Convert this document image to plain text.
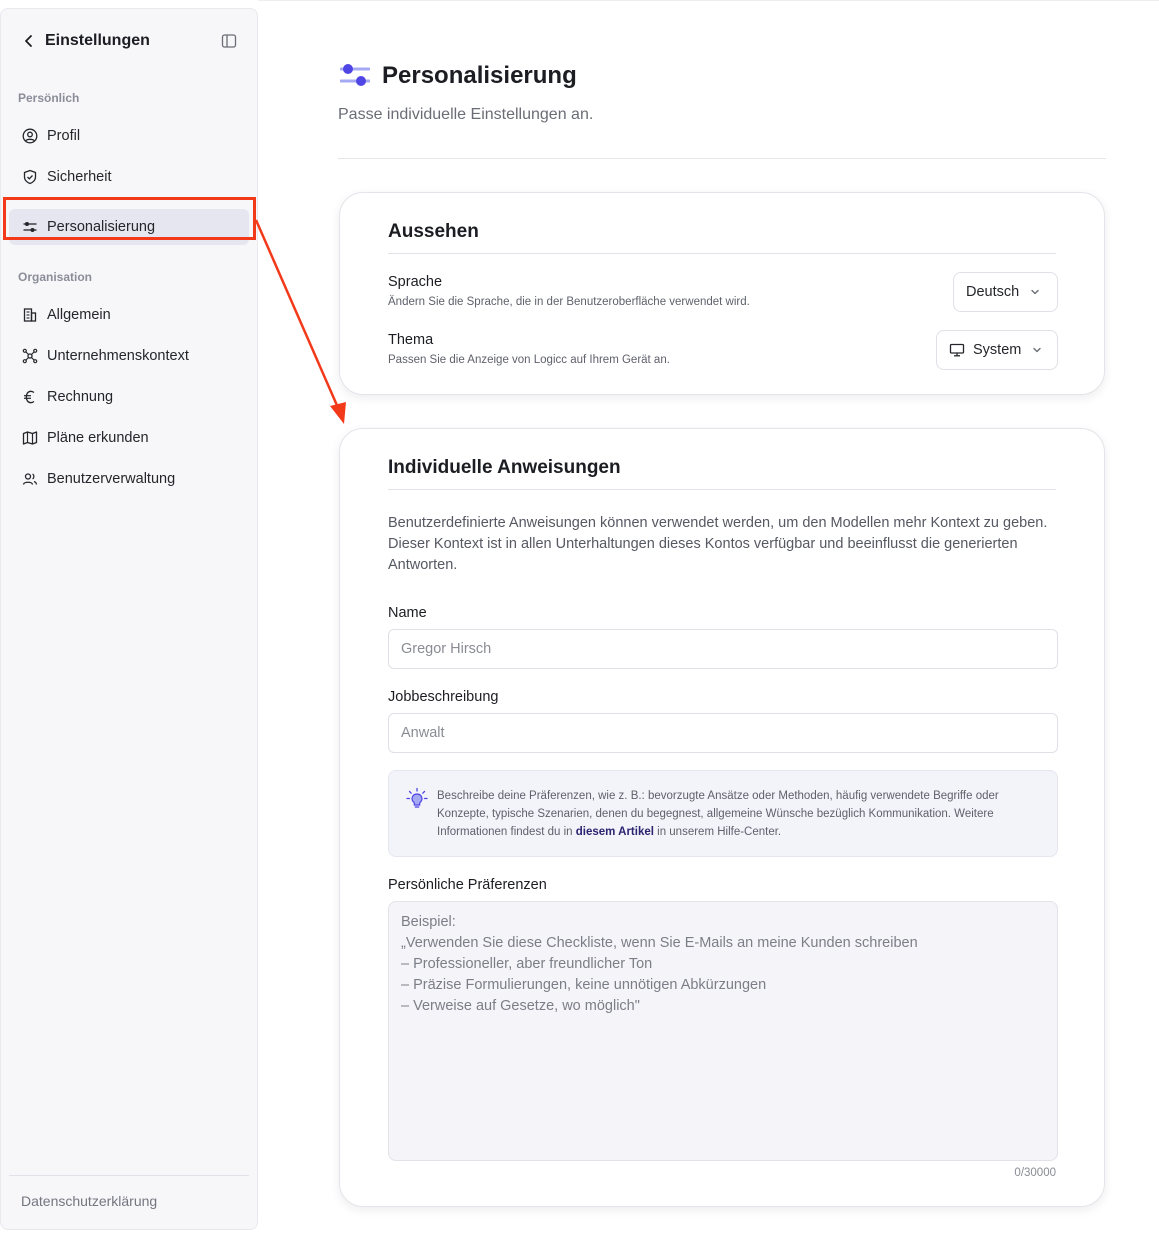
Einstellungen
Persönlich
Profil
Sicherheit
Personalisierung
Organisation
Allgemein
Unternehmenskontext
Rechnung
Pläne erkunden
Benutzerverwaltung
Datenschutzerklärung
Personalisierung
Passe individuelle Einstellungen an.
Aussehen
Sprache
Ändern Sie die Sprache, die in der Benutzeroberfläche verwendet wird.
Deutsch
Thema
Passen Sie die Anzeige von Logicc auf Ihrem Gerät an.
System
Individuelle Anweisungen
Benutzerdefinierte Anweisungen können verwendet werden, um den Modellen mehr Kontext zu geben. Dieser Kontext ist in allen Unterhaltungen dieses Kontos verfügbar und beeinflusst die generierten Antworten.
Name
Gregor Hirsch
Jobbeschreibung
Anwalt
Beschreibe deine Präferenzen, wie z. B.: bevorzugte Ansätze oder Methoden, häufig verwendete Begriffe oder Konzepte, typische Szenarien, denen du begegnest, allgemeine Wünsche bezüglich Kommunikation. Weitere Informationen findest du in diesem Artikel in unserem Hilfe-Center.
Persönliche Präferenzen
Beispiel:
„Verwenden Sie diese Checkliste, wenn Sie E-Mails an meine Kunden schreiben
– Professioneller, aber freundlicher Ton
– Präzise Formulierungen, keine unnötigen Abkürzungen
– Verweise auf Gesetze, wo möglich"
0/30000
